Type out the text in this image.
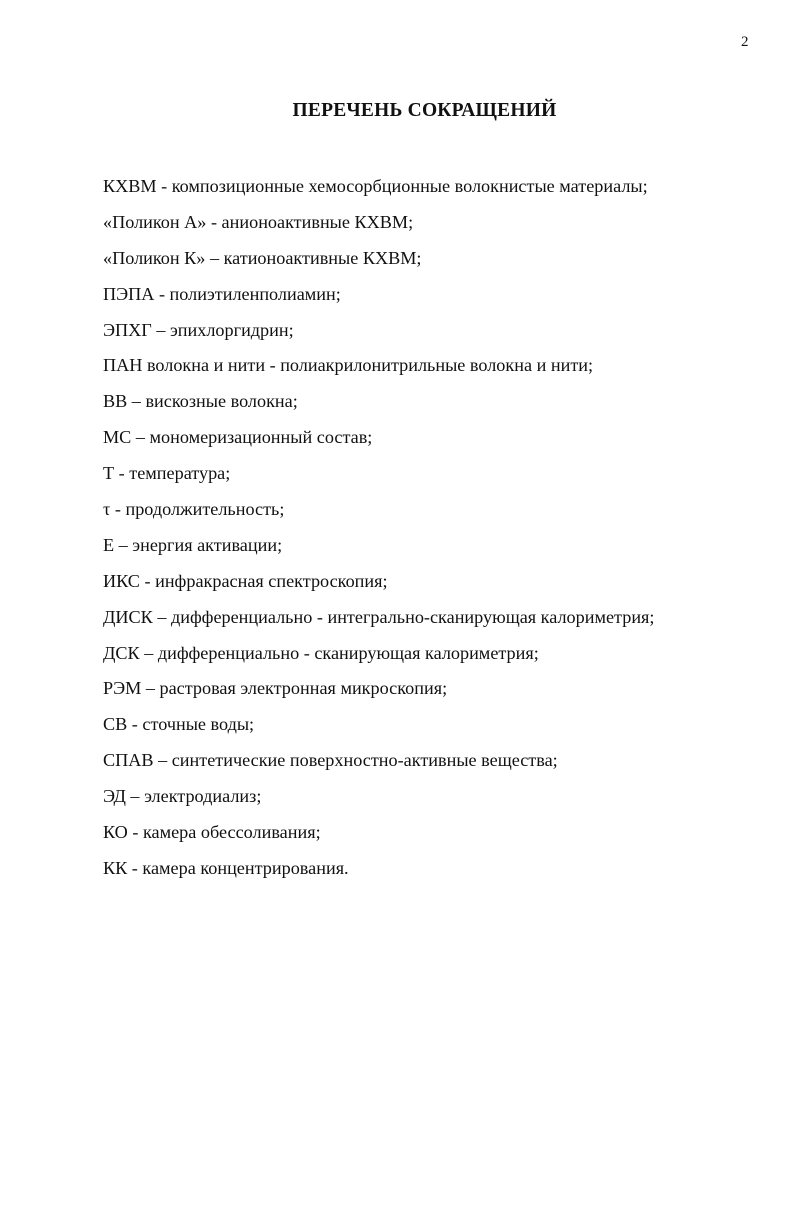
2
ПЕРЕЧЕНЬ СОКРАЩЕНИЙ
КХВМ - композиционные хемосорбционные волокнистые материалы;
«Поликон А» - анионоактивные КХВМ;
«Поликон К» – катионоактивные КХВМ;
ПЭПА - полиэтиленполиамин;
ЭПХГ – эпихлоргидрин;
ПАН волокна и нити - полиакрилонитрильные волокна и нити;
ВВ – вискозные волокна;
МС – мономеризационный состав;
Т - температура;
τ - продолжительность;
Е – энергия активации;
ИКС - инфракрасная спектроскопия;
ДИСК – дифференциально - интегрально-сканирующая калориметрия;
ДСК – дифференциально - сканирующая калориметрия;
РЭМ – растровая электронная микроскопия;
СВ - сточные воды;
СПАВ – синтетические поверхностно-активные вещества;
ЭД – электродиализ;
КО - камера обессоливания;
КК - камера концентрирования.
